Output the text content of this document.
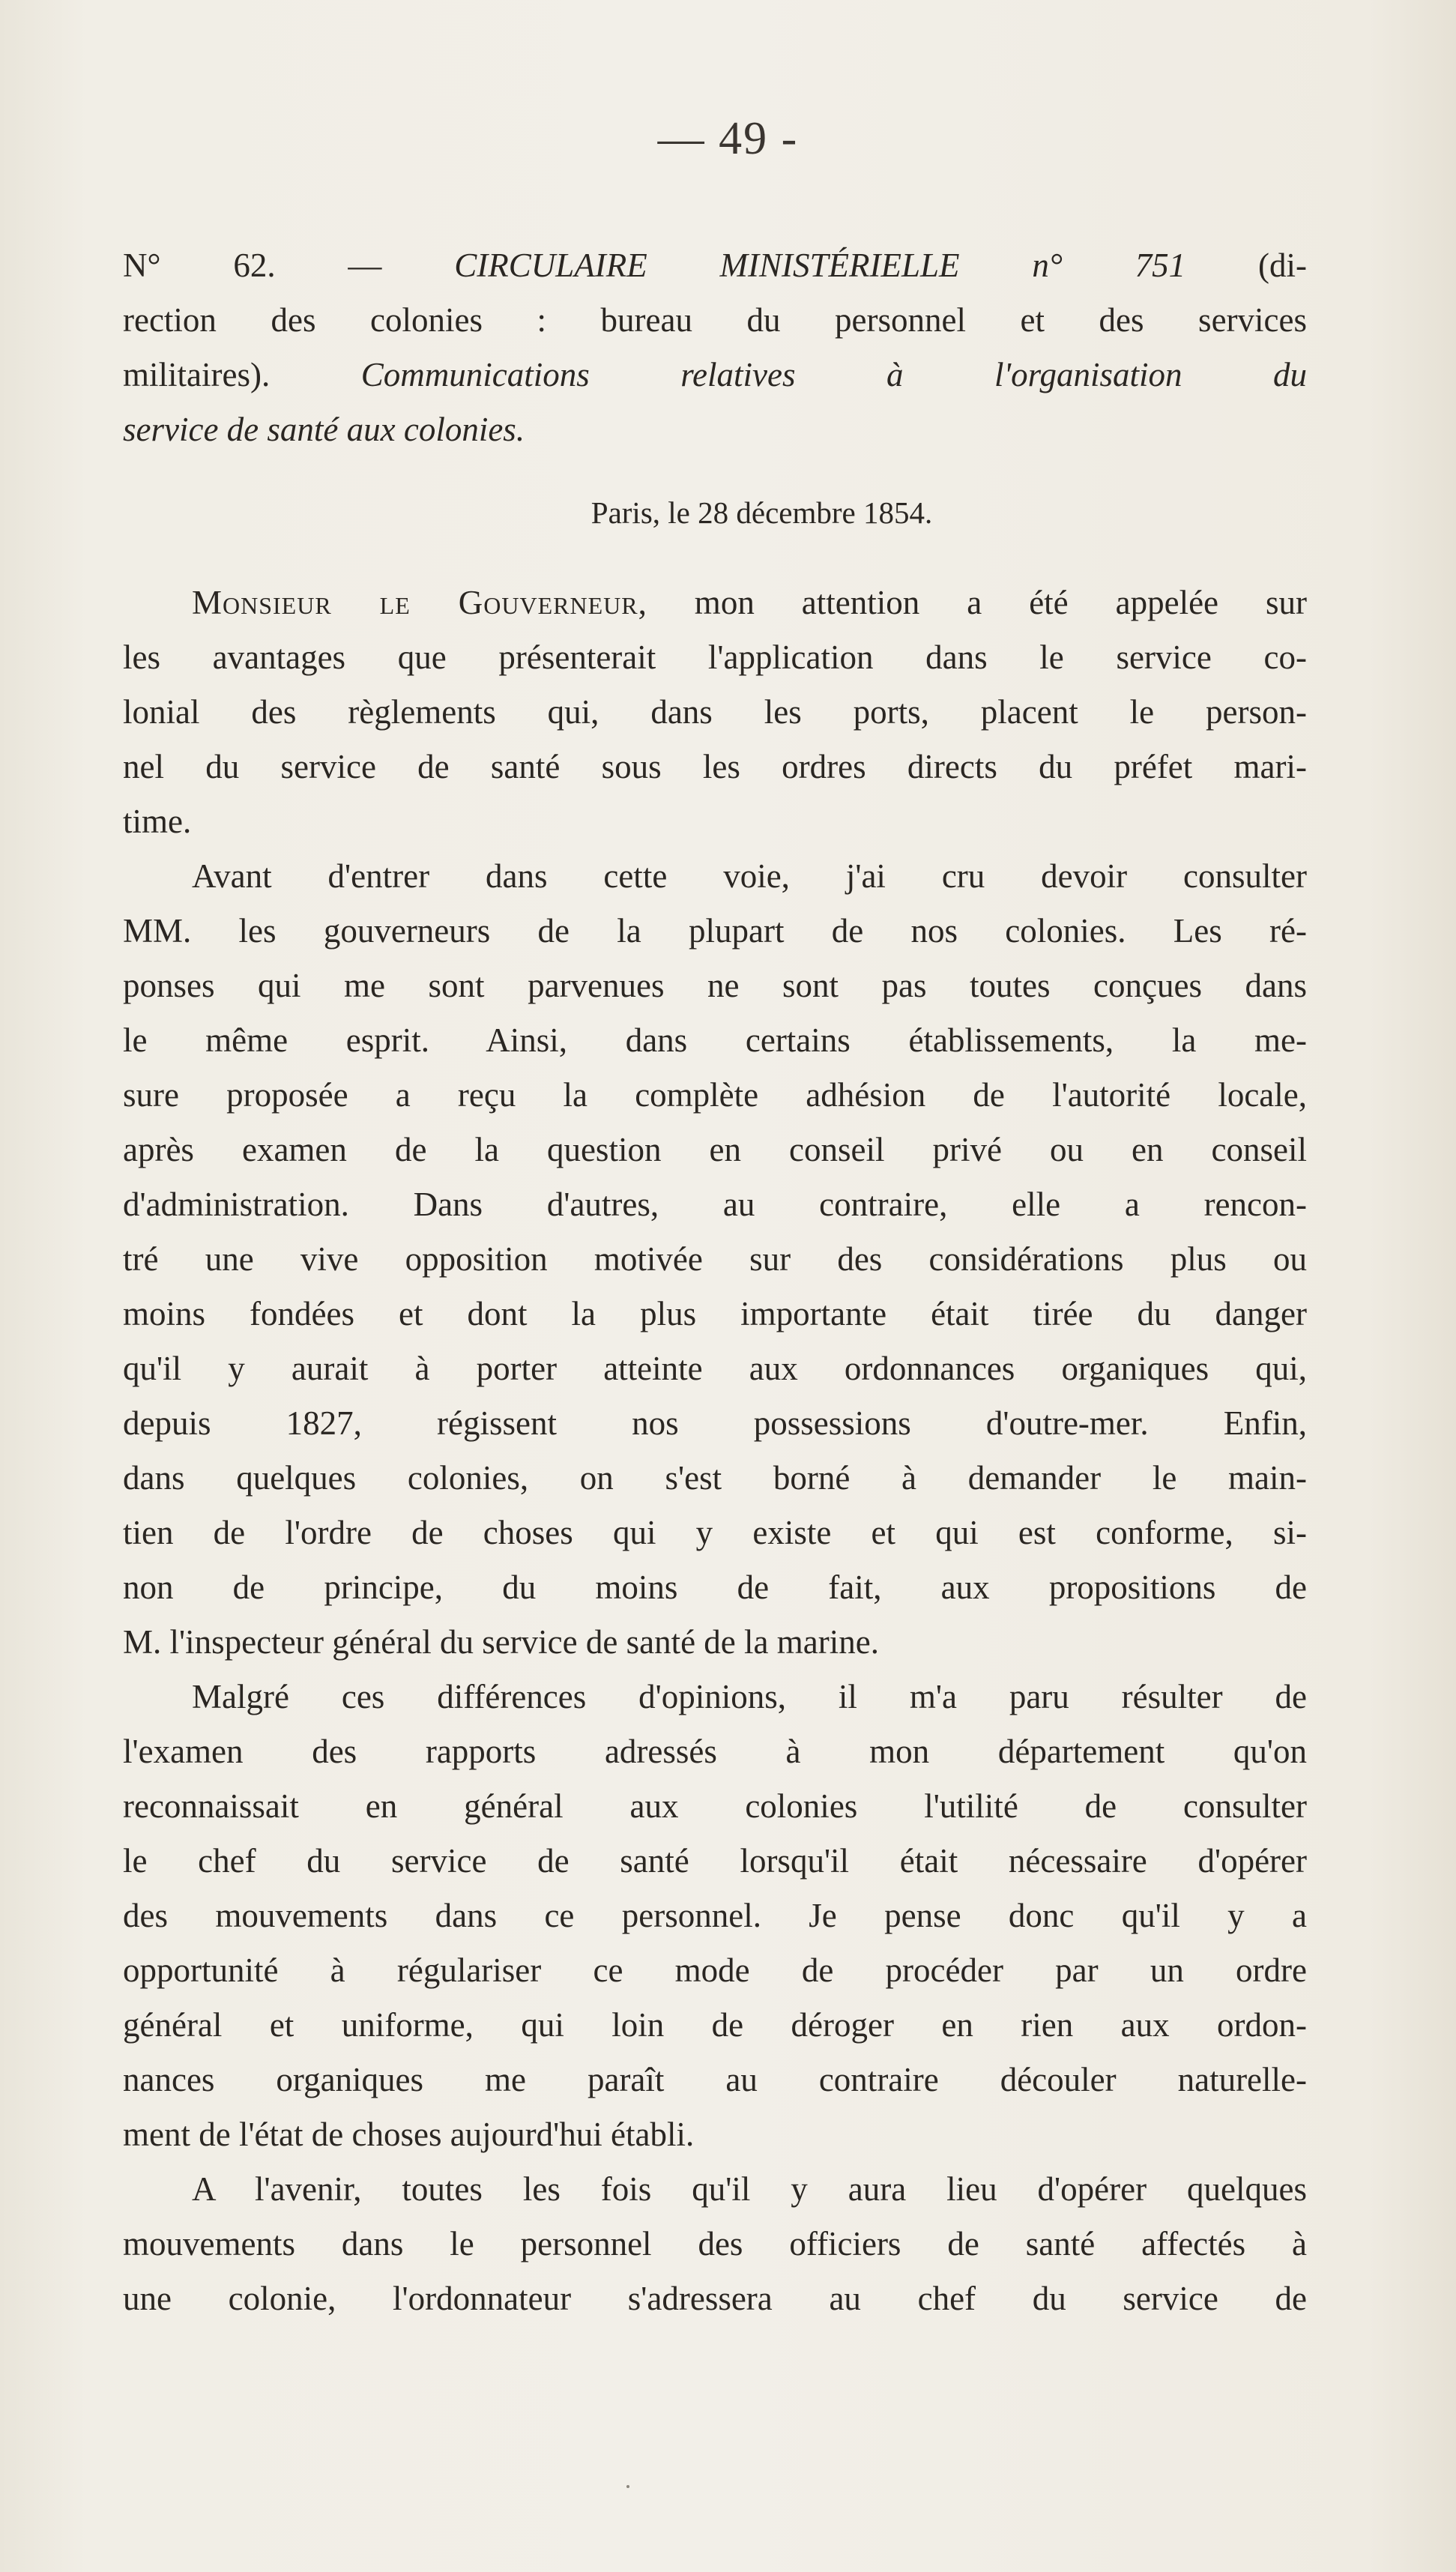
— 49 -
N° 62. — CIRCULAIRE MINISTÉRIELLE n° 751 (di-
rection des colonies : bureau du personnel et des services
militaires). Communications relatives à l'organisation du
service de santé aux colonies.
Paris, le 28 décembre 1854.
Monsieur le Gouverneur, mon attention a été appelée sur
les avantages que présenterait l'application dans le service co-
lonial des règlements qui, dans les ports, placent le person-
nel du service de santé sous les ordres directs du préfet mari-
time.
Avant d'entrer dans cette voie, j'ai cru devoir consulter
MM. les gouverneurs de la plupart de nos colonies. Les ré-
ponses qui me sont parvenues ne sont pas toutes conçues dans
le même esprit. Ainsi, dans certains établissements, la me-
sure proposée a reçu la complète adhésion de l'autorité locale,
après examen de la question en conseil privé ou en conseil
d'administration. Dans d'autres, au contraire, elle a rencon-
tré une vive opposition motivée sur des considérations plus ou
moins fondées et dont la plus importante était tirée du danger
qu'il y aurait à porter atteinte aux ordonnances organiques qui,
depuis 1827, régissent nos possessions d'outre-mer. Enfin,
dans quelques colonies, on s'est borné à demander le main-
tien de l'ordre de choses qui y existe et qui est conforme, si-
non de principe, du moins de fait, aux propositions de
M. l'inspecteur général du service de santé de la marine.
Malgré ces différences d'opinions, il m'a paru résulter de
l'examen des rapports adressés à mon département qu'on
reconnaissait en général aux colonies l'utilité de consulter
le chef du service de santé lorsqu'il était nécessaire d'opérer
des mouvements dans ce personnel. Je pense donc qu'il y a
opportunité à régulariser ce mode de procéder par un ordre
général et uniforme, qui loin de déroger en rien aux ordon-
nances organiques me paraît au contraire découler naturelle-
ment de l'état de choses aujourd'hui établi.
A l'avenir, toutes les fois qu'il y aura lieu d'opérer quelques
mouvements dans le personnel des officiers de santé affectés à
une colonie, l'ordonnateur s'adressera au chef du service de
